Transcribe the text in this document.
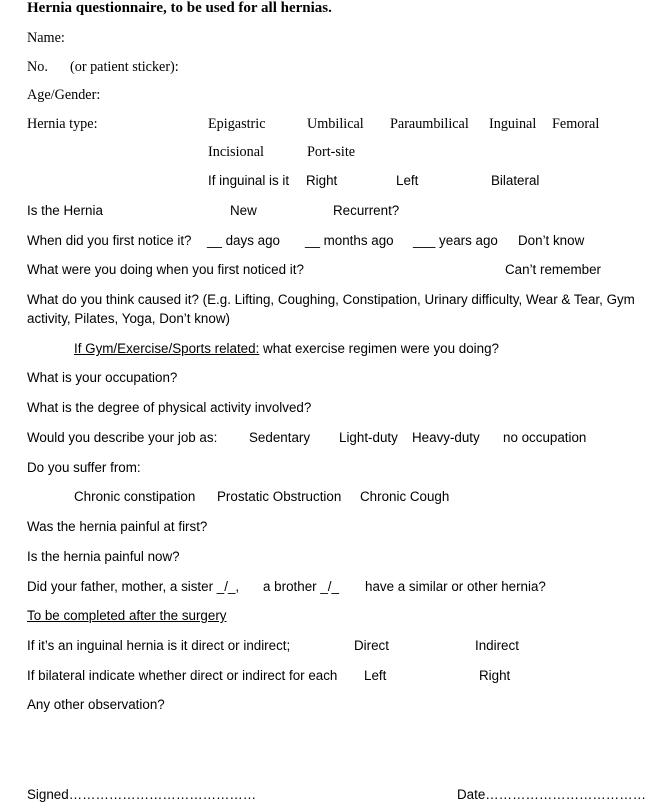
Hernia questionnaire, to be used for all hernias.
Name:
No. (or patient sticker):
Age/Gender:
Hernia type:	Epigastric	Umbilical Paraumbilical Inguinal Femoral
Incisional	Port-site
If inguinal is it Right	Left	Bilateral
Is the Hernia	New	Recurrent?
When did you first notice it? __ days ago __ months ago ___ years ago Don’t know
What were you doing when you first noticed it?	Can’t remember
What do you think caused it? (E.g. Lifting, Coughing, Constipation, Urinary difficulty, Wear & Tear, Gym
activity, Pilates, Yoga, Don’t know)
If Gym/Exercise/Sports related: what exercise regimen were you doing?
What is your occupation?
What is the degree of physical activity involved?
Would you describe your job as: Sedentary Light-duty Heavy-duty no occupation
Do you suffer from:
Chronic constipation Prostatic Obstruction Chronic Cough
Was the hernia painful at first?
Is the hernia painful now?
Did your father, mother, a sister _/_, a brother _/_ have a similar or other hernia?
To be completed after the surgery
If it’s an inguinal hernia is it direct or indirect;	Direct	Indirect
If bilateral indicate whether direct or indirect for each Left	Right
Any other observation?
Signed……………………………………	Date………………………………
